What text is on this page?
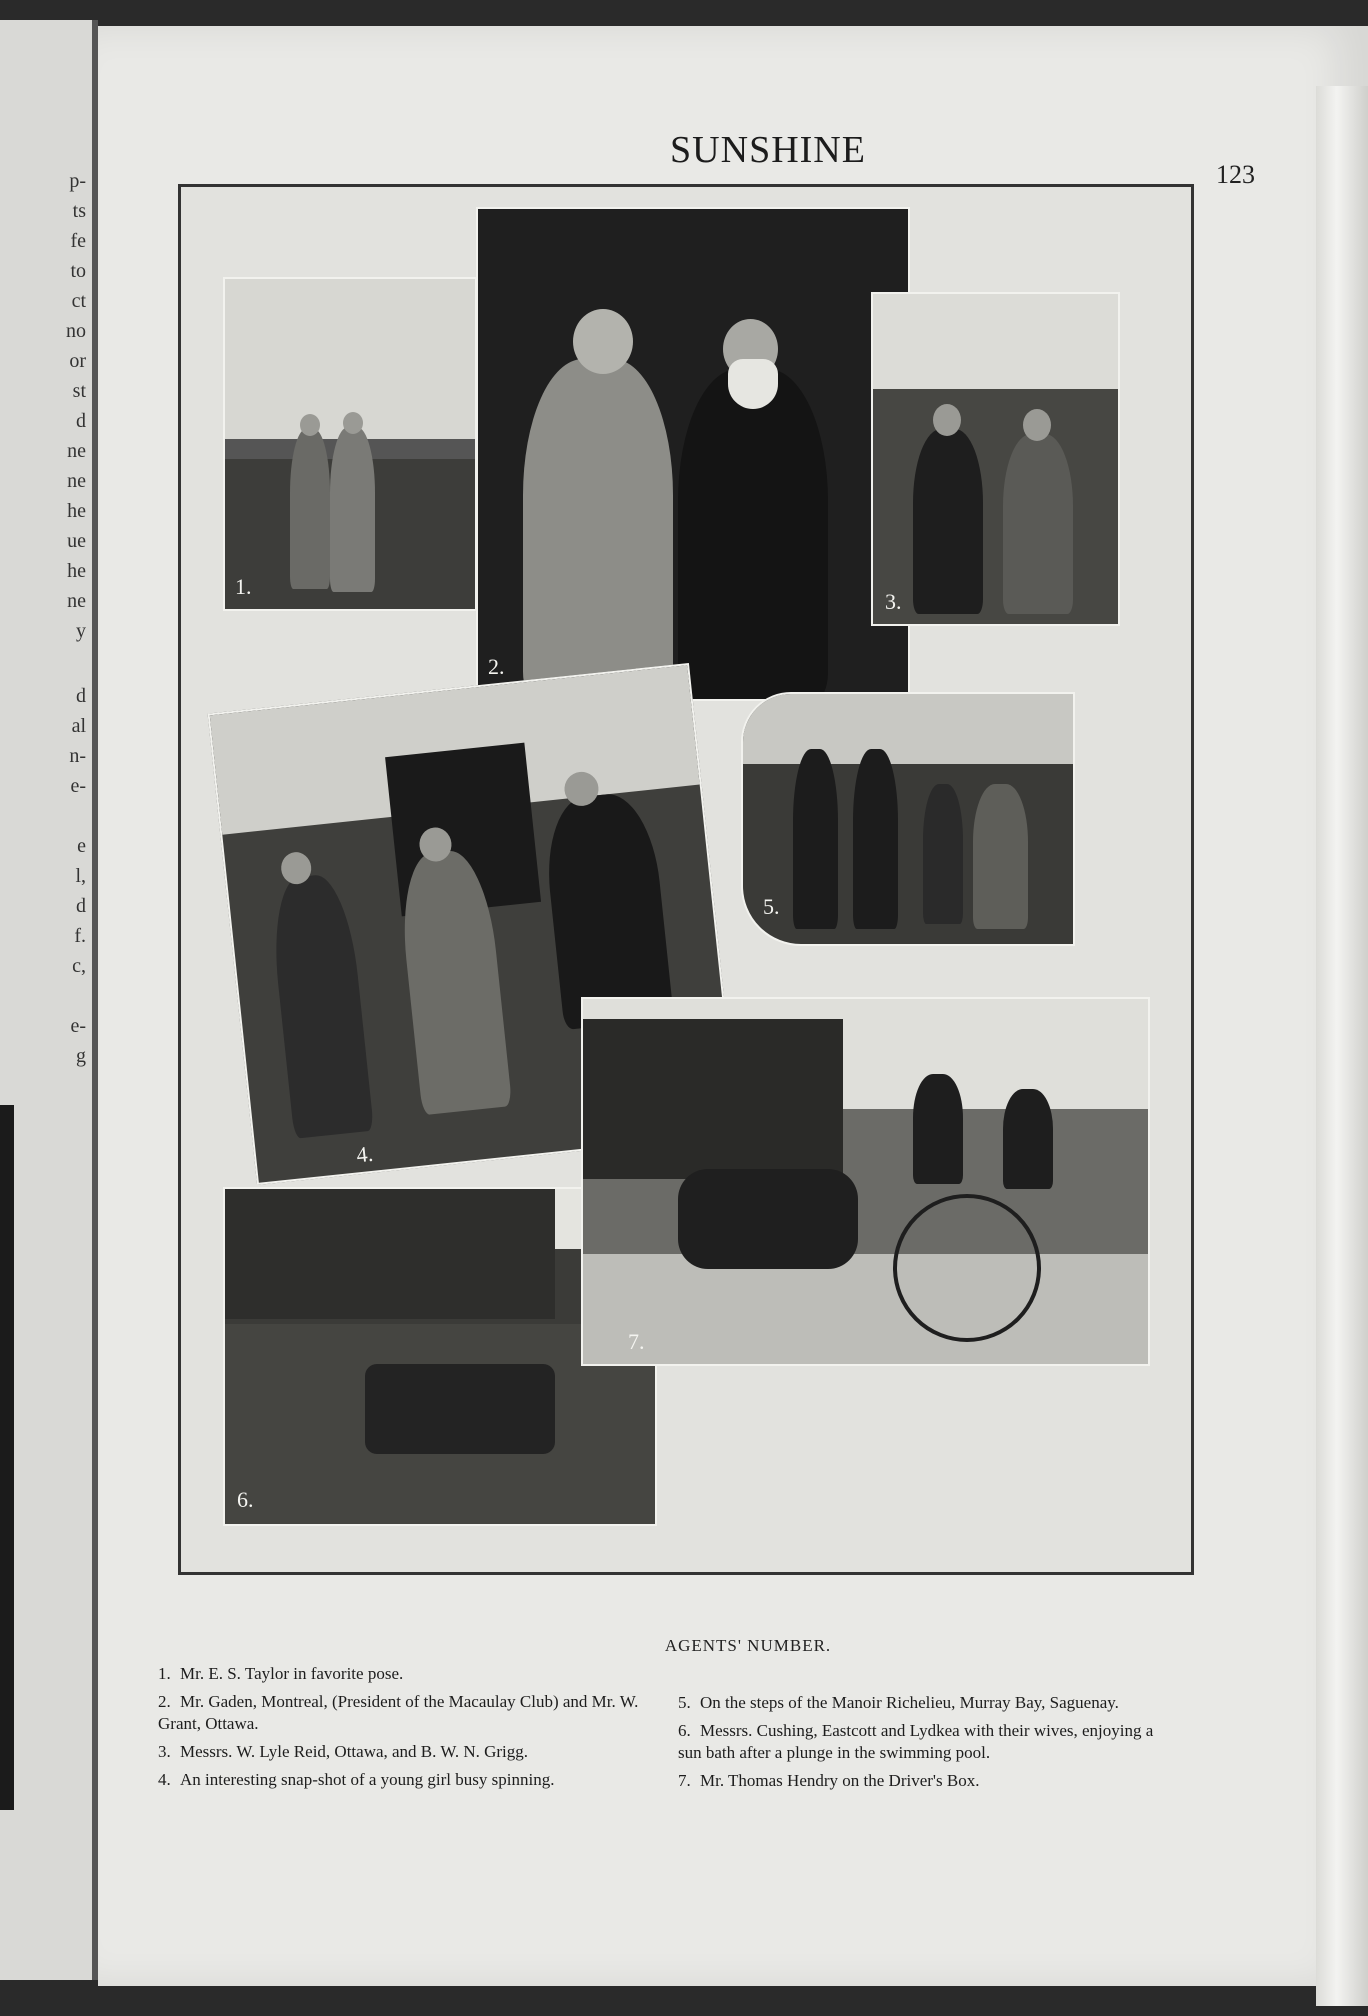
p-
ts
fe
to
ct
no
or
st
d
ne
ne
he
ue
he
ne
y
d
al
n-
e-
e
l,
d
f.
c,
e-
g
SUNSHINE
123
1.
2.
3.
4.
5.
6.
7.
AGENTS' NUMBER.
1. Mr. E. S. Taylor in favorite pose.
2. Mr. Gaden, Montreal, (President of the Macaulay Club) and Mr. W. Grant, Ottawa.
3. Messrs. W. Lyle Reid, Ottawa, and B. W. N. Grigg.
4. An interesting snap-shot of a young girl busy spinning.
5. On the steps of the Manoir Richelieu, Murray Bay, Saguenay.
6. Messrs. Cushing, Eastcott and Lydkea with their wives, enjoying a sun bath after a plunge in the swimming pool.
7. Mr. Thomas Hendry on the Driver's Box.
